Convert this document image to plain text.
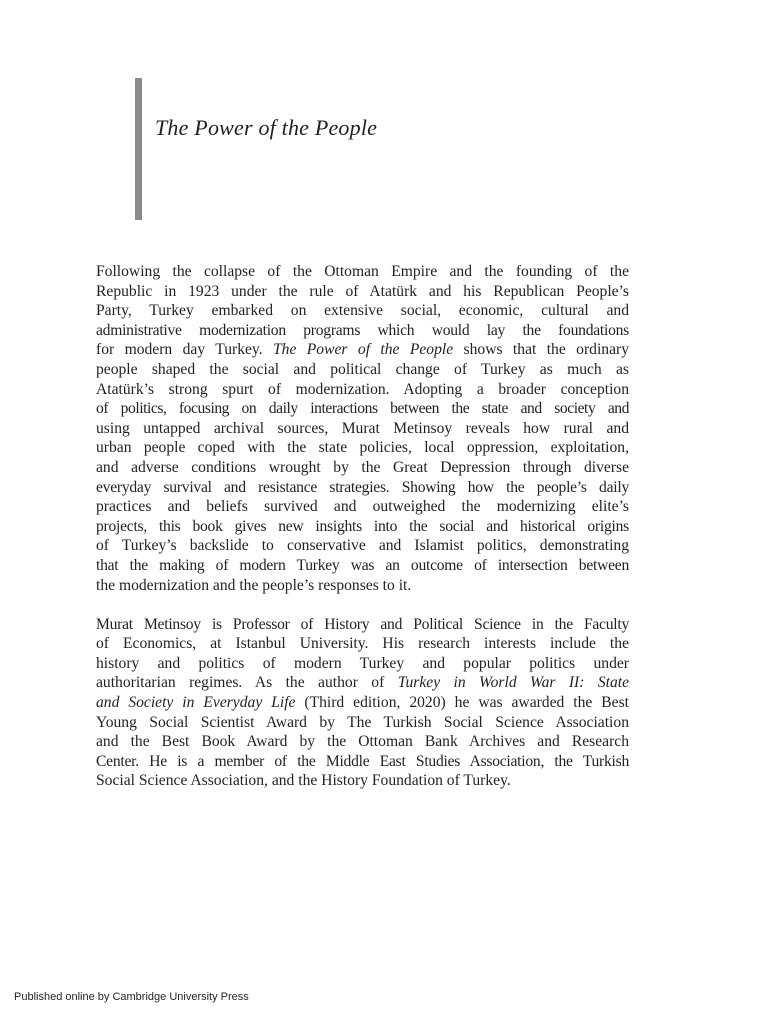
The Power of the People

Following the collapse of the Ottoman Empire and the founding of the
Republic in 1923 under the rule of Atatürk and his Republican People’s
Party, Turkey embarked on extensive social, economic, cultural and
administrative modernization programs which would lay the foundations
for modern day Turkey. The Power of the People shows that the ordinary
people shaped the social and political change of Turkey as much as
Atatürk’s strong spurt of modernization. Adopting a broader conception
of politics, focusing on daily interactions between the state and society and
using untapped archival sources, Murat Metinsoy reveals how rural and
urban people coped with the state policies, local oppression, exploitation,
and adverse conditions wrought by the Great Depression through diverse
everyday survival and resistance strategies. Showing how the people’s daily
practices and beliefs survived and outweighed the modernizing elite’s
projects, this book gives new insights into the social and historical origins
of Turkey’s backslide to conservative and Islamist politics, demonstrating
that the making of modern Turkey was an outcome of intersection between
the modernization and the people’s responses to it.

Murat Metinsoy is Professor of History and Political Science in the Faculty
of Economics, at Istanbul University. His research interests include the
history and politics of modern Turkey and popular politics under
authoritarian regimes. As the author of Turkey in World War II: State
and Society in Everyday Life (Third edition, 2020) he was awarded the Best
Young Social Scientist Award by The Turkish Social Science Association
and the Best Book Award by the Ottoman Bank Archives and Research
Center. He is a member of the Middle East Studies Association, the Turkish
Social Science Association, and the History Foundation of Turkey.

Published online by Cambridge University Press
